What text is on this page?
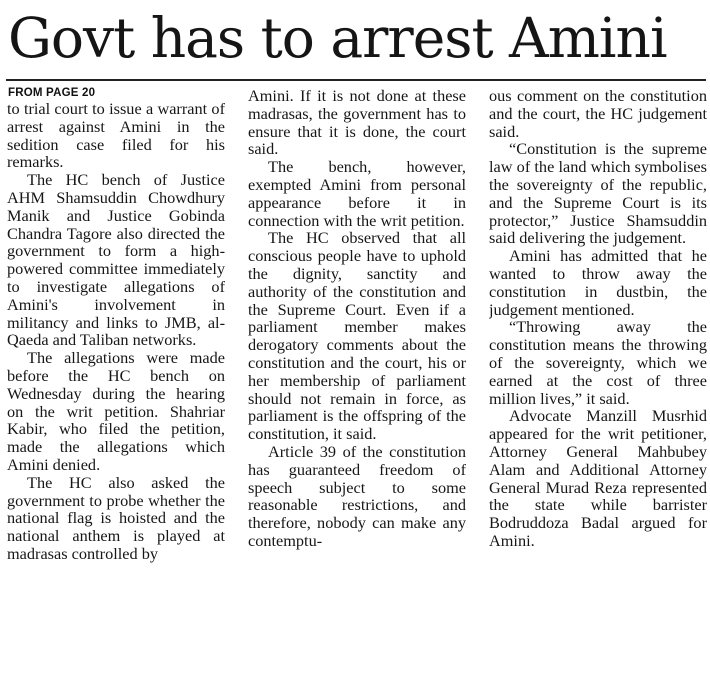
Govt has to arrest Amini
FROM PAGE 20

to trial court to issue a warrant of arrest against Amini in the sedition case filed for his remarks.

The HC bench of Justice AHM Shamsuddin Chowdhury Manik and Justice Gobinda Chandra Tagore also directed the government to form a high-powered committee immediately to investigate allegations of Amini's involvement in militancy and links to JMB, al-Qaeda and Taliban networks.

The allegations were made before the HC bench on Wednesday during the hearing on the writ petition. Shahriar Kabir, who filed the petition, made the allegations which Amini denied.

The HC also asked the government to probe whether the national flag is hoisted and the national anthem is played at madrasas controlled by

Amini. If it is not done at these madrasas, the government has to ensure that it is done, the court said.

The bench, however, exempted Amini from personal appearance before it in connection with the writ petition.

The HC observed that all conscious people have to uphold the dignity, sanctity and authority of the constitution and the Supreme Court. Even if a parliament member makes derogatory comments about the constitution and the court, his or her membership of parliament should not remain in force, as parliament is the offspring of the constitution, it said.

Article 39 of the constitution has guaranteed freedom of speech subject to some reasonable restrictions, and therefore, nobody can make any contemptu-

ous comment on the constitution and the court, the HC judgement said.

“Constitution is the supreme law of the land which symbolises the sovereignty of the republic, and the Supreme Court is its protector,” Justice Shamsuddin said delivering the judgement.

Amini has admitted that he wanted to throw away the constitution in dustbin, the judgement mentioned.

“Throwing away the constitution means the throwing of the sovereignty, which we earned at the cost of three million lives,” it said.

Advocate Manzill Musrhid appeared for the writ petitioner, Attorney General Mahbubey Alam and Additional Attorney General Murad Reza represented the state while barrister Bodruddoza Badal argued for Amini.
